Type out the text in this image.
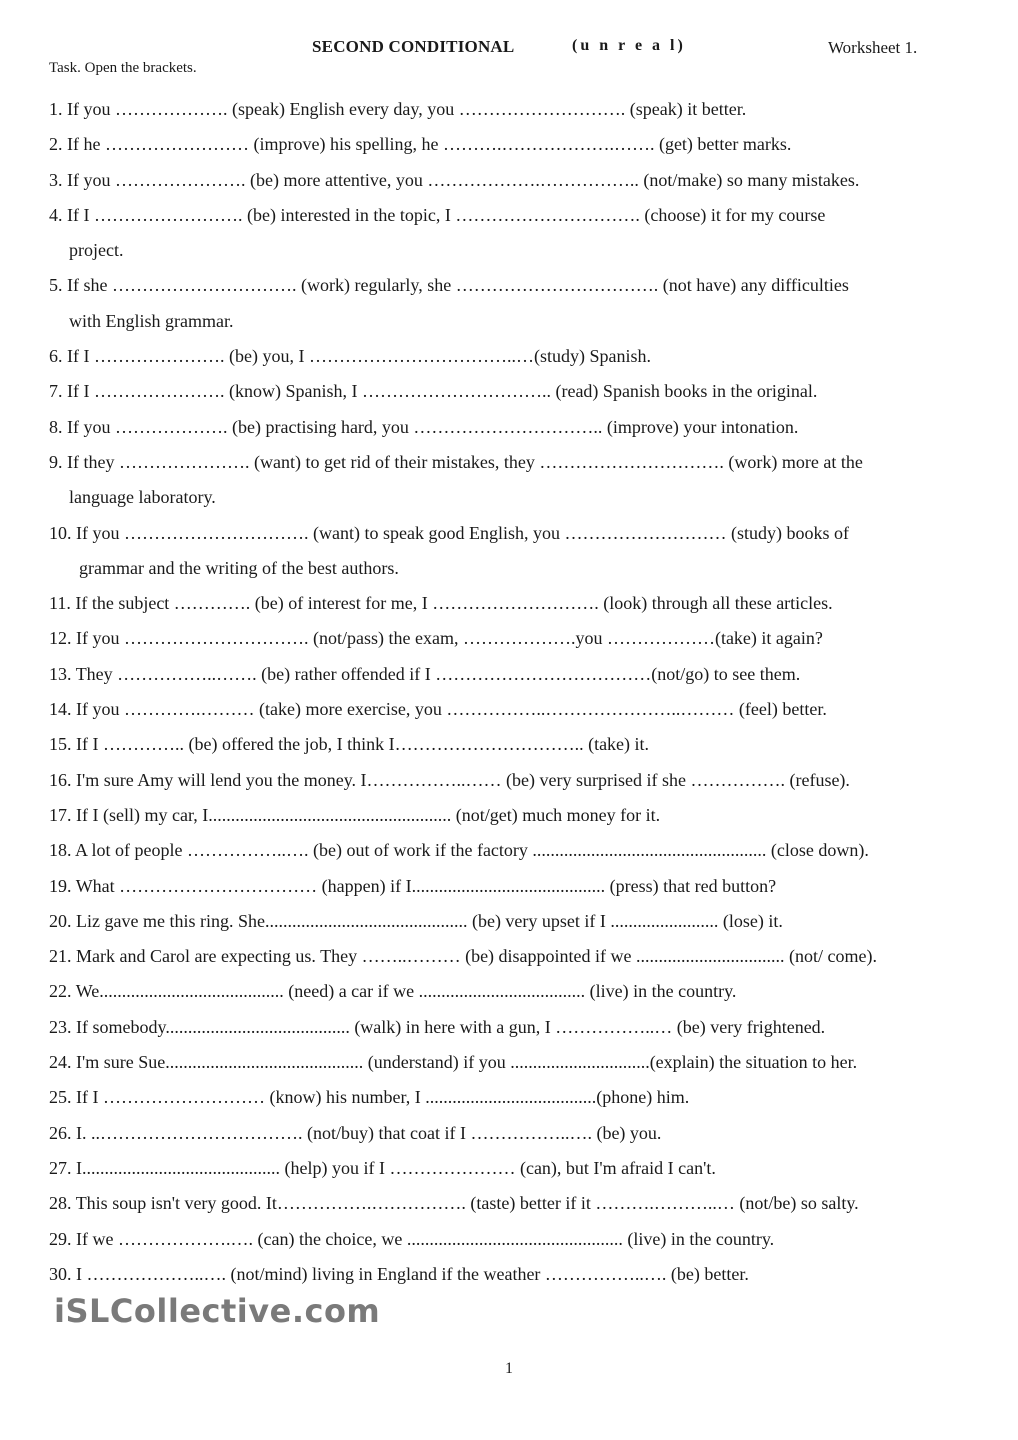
SECOND CONDITIONAL	(u n r e a l)	Worksheet 1.
Task. Open the brackets.
1. If you ………………. (speak) English every day, you ………………………. (speak) it better.
2. If he …………………… (improve) his spelling, he ……….……………….……. (get) better marks.
3. If you …………………. (be) more attentive, you ……………….…………….. (not/make) so many mistakes.
4. If I ……………………. (be) interested in the topic, I …………………………. (choose) it for my course
project.
5. If she …………………………. (work) regularly, she ……………………………. (not have) any difficulties
with English grammar.
6. If I …………………. (be) you, I ……………………………..…(study) Spanish.
7. If I …………………. (know) Spanish, I ………………………….. (read) Spanish books in the original.
8. If you ………………. (be) practising hard, you ………………………….. (improve) your intonation.
9. If they …………………. (want) to get rid of their mistakes, they …………………………. (work) more at the
language laboratory.
10. If you …………………………. (want) to speak good English, you ……………………… (study) books of
grammar and the writing of the best authors.
11. If the subject …………. (be) of interest for me, I ………………………. (look) through all these articles.
12. If you …………………………. (not/pass) the exam, ……………….you ………………(take) it again?
13. They ……………..……. (be) rather offended if I ………………………………(not/go) to see them.
14. If you ………….……… (take) more exercise, you ……………..…………………..……… (feel) better.
15. If I ………….. (be) offered the job, I think I………………………….. (take) it.
16. I'm sure Amy will lend you the money. I……………..…… (be) very surprised if she ……………. (refuse).
17. If I (sell) my car, I...................................................... (not/get) much money for it.
18. A lot of people ……………..…. (be) out of work if the factory .................................................... (close down).
19. What …………………………… (happen) if I........................................... (press) that red button?
20. Liz gave me this ring. She............................................. (be) very upset if I ........................ (lose) it.
21. Mark and Carol are expecting us. They ……..……… (be) disappointed if we ................................. (not/ come).
22. We......................................... (need) a car if we ..................................... (live) in the country.
23. If somebody......................................... (walk) in here with a gun, I ……………..… (be) very frightened.
24. I'm sure Sue............................................ (understand) if you ...............................(explain) the situation to her.
25. If I ……………………… (know) his number, I ......................................(phone) him.
26. I. ..……………………………. (not/buy) that coat if I ……………..…. (be) you.
27. I............................................ (help) you if I ………………… (can), but I'm afraid I can't.
28. This soup isn't very good. It…………….……………. (taste) better if it ……….………..… (not/be) so salty.
29. If we ……………….…. (can) the choice, we ................................................ (live) in the country.
30. I ………………..…. (not/mind) living in England if the weather ……………..…. (be) better.
iSLCollective.com
1
